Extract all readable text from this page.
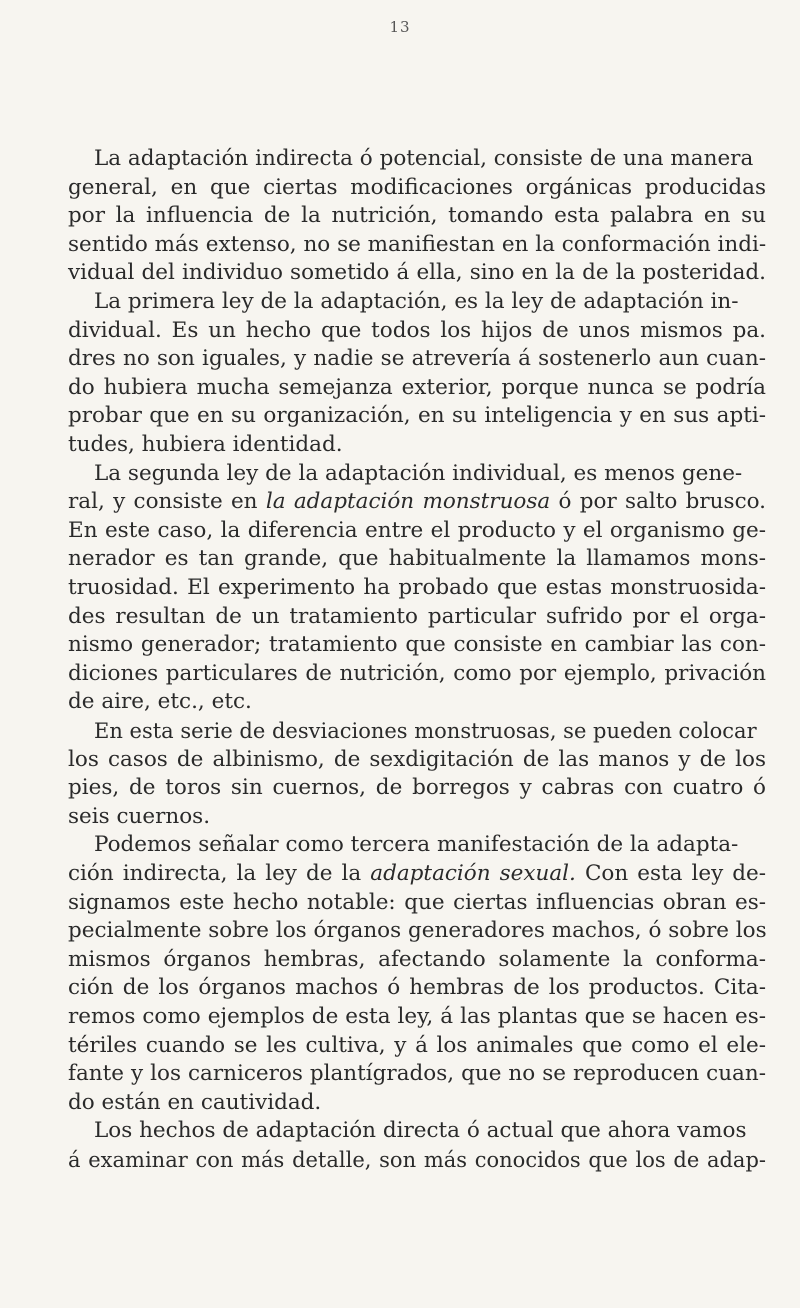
13
La adaptación indirecta ó potencial, consiste de una manera
general, en que ciertas modificaciones orgánicas producidas
por la influencia de la nutrición, tomando esta palabra en su
sentido más extenso, no se manifiestan en la conformación indi-
vidual del individuo sometido á ella, sino en la de la posteridad.
La primera ley de la adaptación, es la ley de adaptación in-
dividual. Es un hecho que todos los hijos de unos mismos pa.
dres no son iguales, y nadie se atrevería á sostenerlo aun cuan-
do hubiera mucha semejanza exterior, porque nunca se podría
probar que en su organización, en su inteligencia y en sus apti-
tudes, hubiera identidad.
La segunda ley de la adaptación individual, es menos gene-
ral, y consiste en la adaptación monstruosa ó por salto brusco.
En este caso, la diferencia entre el producto y el organismo ge-
nerador es tan grande, que habitualmente la llamamos mons-
truosidad. El experimento ha probado que estas monstruosida-
des resultan de un tratamiento particular sufrido por el orga-
nismo generador; tratamiento que consiste en cambiar las con-
diciones particulares de nutrición, como por ejemplo, privación
de aire, etc., etc.
En esta serie de desviaciones monstruosas, se pueden colocar
los casos de albinismo, de sexdigitación de las manos y de los
pies, de toros sin cuernos, de borregos y cabras con cuatro ó
seis cuernos.
Podemos señalar como tercera manifestación de la adapta-
ción indirecta, la ley de la adaptación sexual. Con esta ley de-
signamos este hecho notable: que ciertas influencias obran es-
pecialmente sobre los órganos generadores machos, ó sobre los
mismos órganos hembras, afectando solamente la conforma-
ción de los órganos machos ó hembras de los productos. Cita-
remos como ejemplos de esta ley, á las plantas que se hacen es-
tériles cuando se les cultiva, y á los animales que como el ele-
fante y los carniceros plantígrados, que no se reproducen cuan-
do están en cautividad.
Los hechos de adaptación directa ó actual que ahora vamos
á examinar con más detalle, son más conocidos que los de adap-
